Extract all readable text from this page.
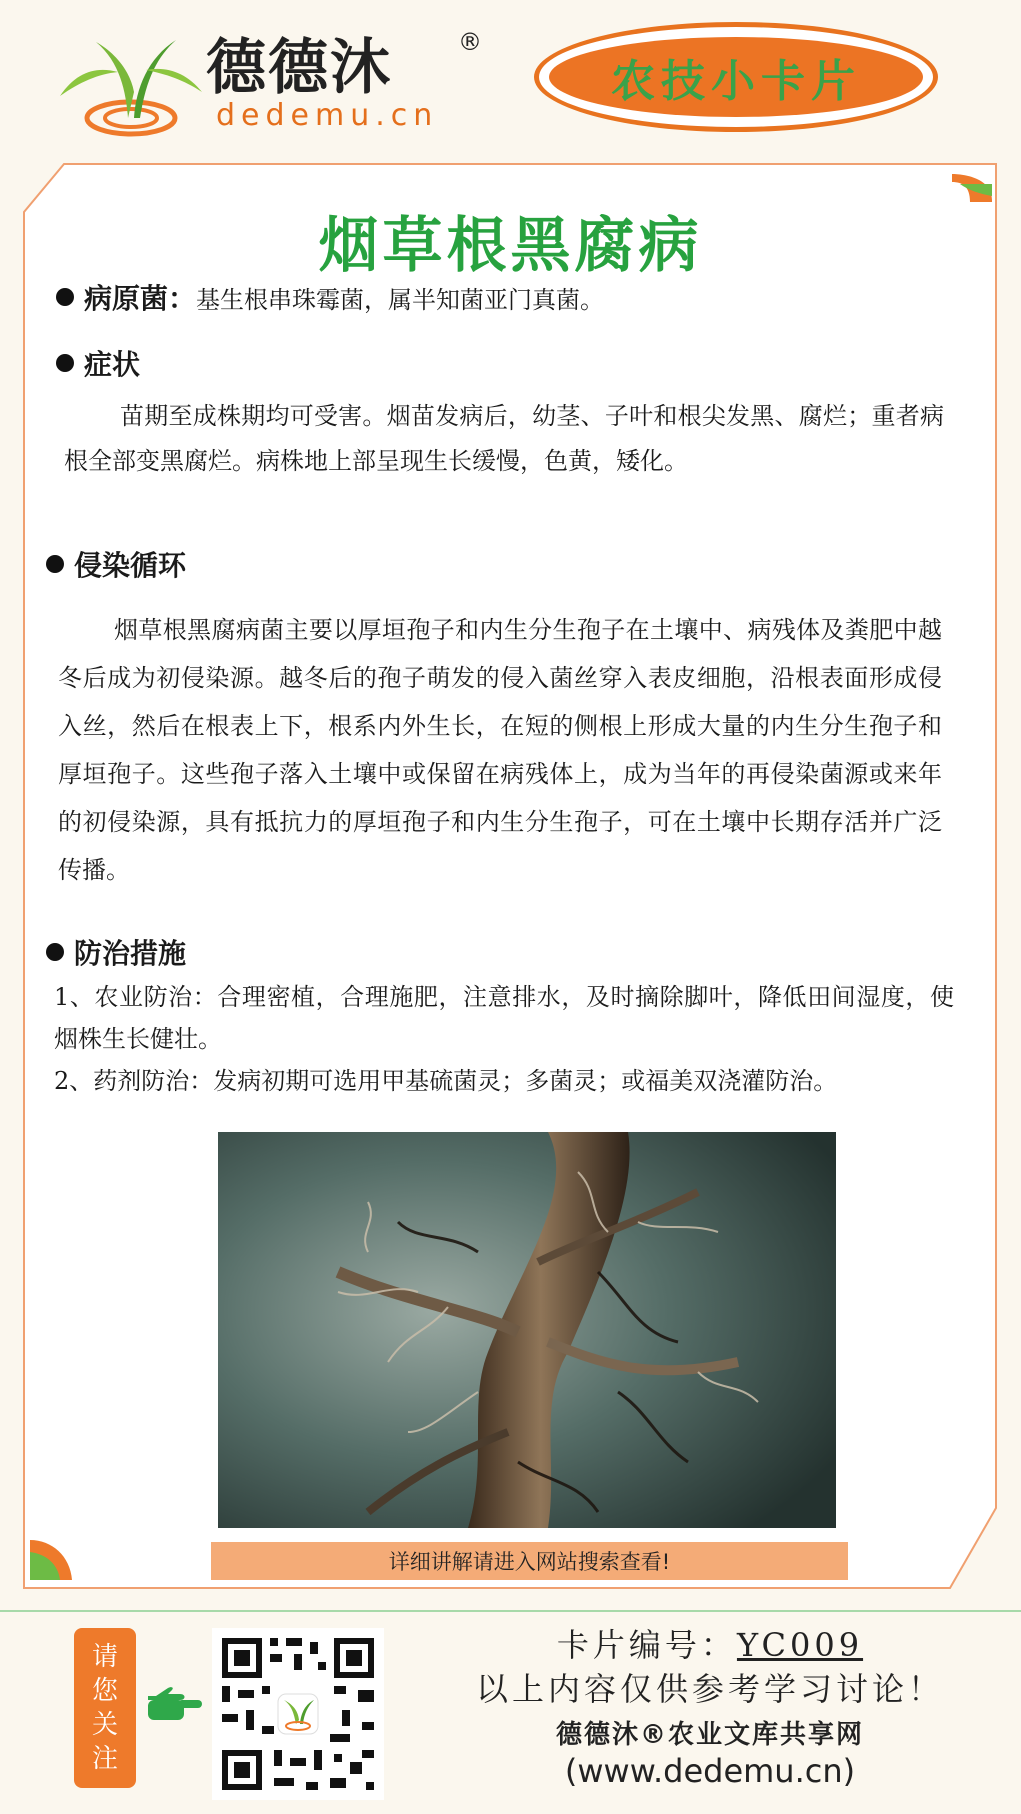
德德沐	®
dedemu.cn
农技小卡片
烟草根黑腐病
病原菌：基生根串珠霉菌，属半知菌亚门真菌。
症状
苗期至成株期均可受害。烟苗发病后，幼茎、子叶和根尖发黑、腐烂；重者病根全部变黑腐烂。病株地上部呈现生长缓慢，色黄，矮化。
侵染循环
烟草根黑腐病菌主要以厚垣孢子和内生分生孢子在土壤中、病残体及粪肥中越冬后成为初侵染源。越冬后的孢子萌发的侵入菌丝穿入表皮细胞，沿根表面形成侵入丝，然后在根表上下，根系内外生长，在短的侧根上形成大量的内生分生孢子和厚垣孢子。这些孢子落入土壤中或保留在病残体上，成为当年的再侵染菌源或来年的初侵染源，具有抵抗力的厚垣孢子和内生分生孢子，可在土壤中长期存活并广泛传播。
防治措施
1、农业防治：合理密植，合理施肥，注意排水，及时摘除脚叶，降低田间湿度，使烟株生长健壮。
2、药剂防治：发病初期可选用甲基硫菌灵；多菌灵；或福美双浇灌防治。
详细讲解请进入网站搜索查看!
请
您
关
注
卡片编号：YC009
以上内容仅供参考学习讨论！
德德沐®农业文库共享网
(www.dedemu.cn)
